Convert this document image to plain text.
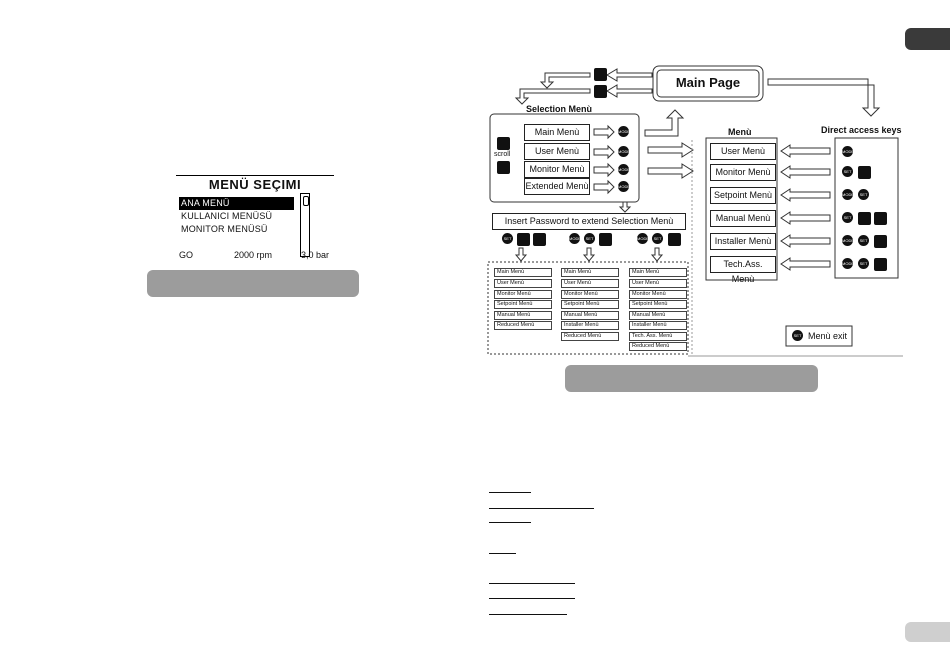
MENÜ SEÇIMI
ANA MENÜ
KULLANICI MENÜSÜ
MONITOR MENÜSÜ
GO	2000 rpm	3,0 bar
Main Page
Selection Menù
scroll
Main Menù
User Menù
Monitor Menù
Extended Menù
MODE
MODE
MODE
MODE
Insert Password to extend Selection Menù
SET	MODE	SET	MODE	SET
Main Menù
User Menù
Monitor Menù
Setpoint Menù
Manual Menù
Reduced Menù
Main Menù
User Menù
Monitor Menù
Setpoint Menù
Manual Menù
Installer Menù
Reduced Menù
Main Menù
User Menù
Monitor Menù
Setpoint Menù
Manual Menù
Installer Menù
Tech. Ass. Menù
Reduced Menù
Menù
User Menù
Monitor Menù
Setpoint Menù
Manual Menù
Installer Menù
Tech.Ass. Menù
Direct access keys
MODE
SET
MODE	SET
SET
MODE	SET
MODE	SET
SET Menù exit
